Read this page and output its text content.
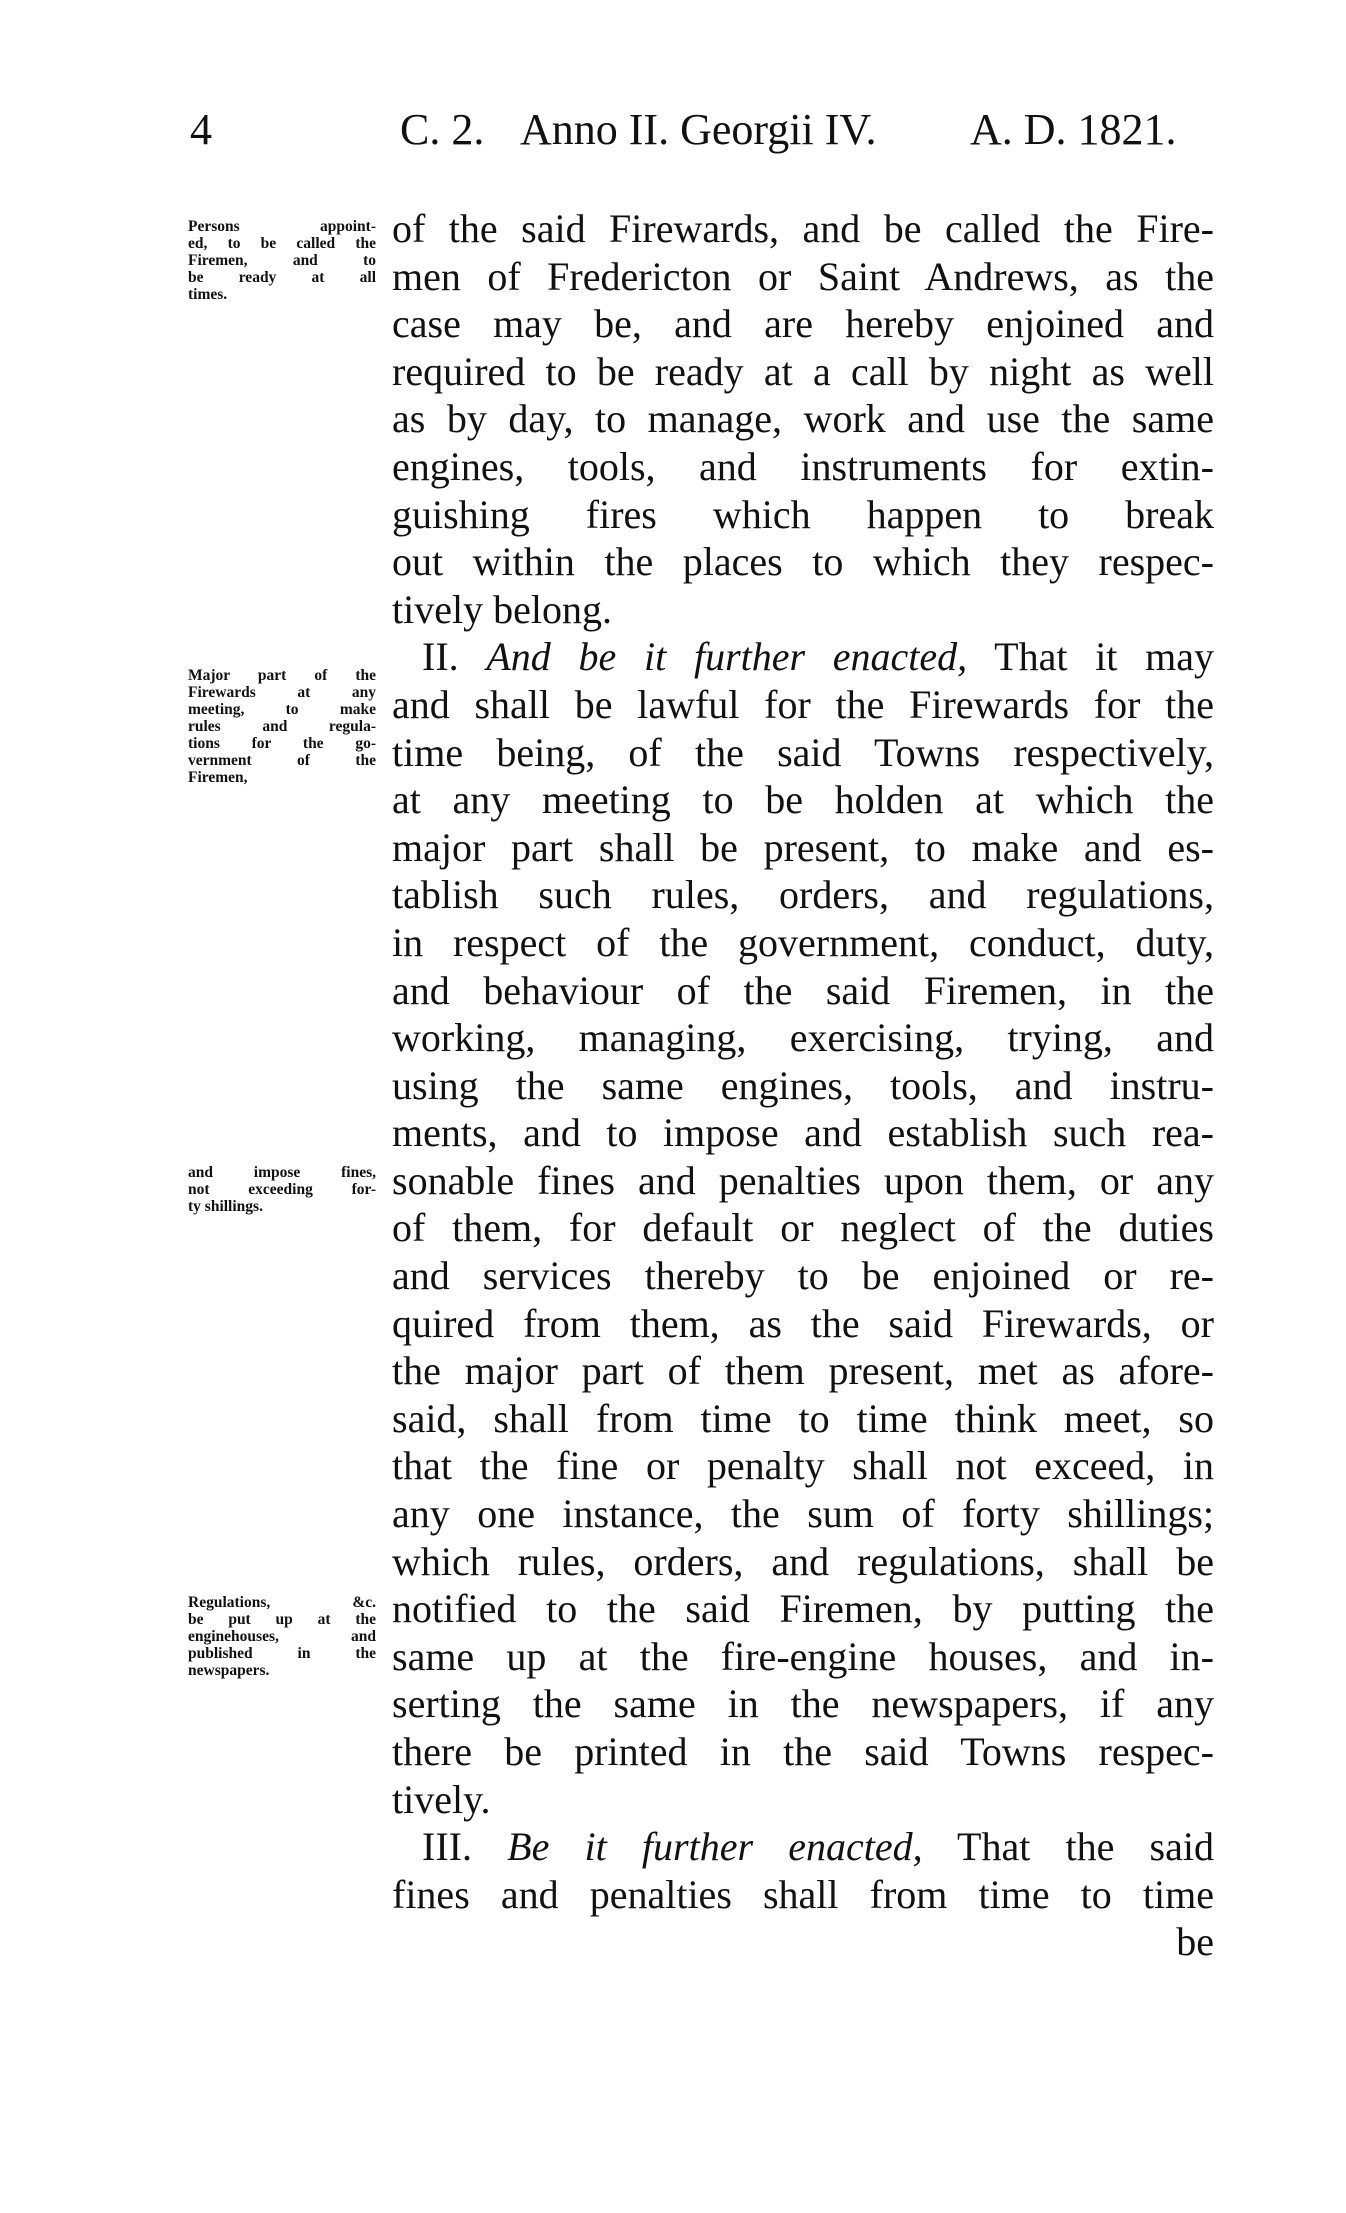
4	C. 2. Anno II. Georgii IV. A. D. 1821.
Persons appoint-
ed, to be called the
Firemen, and to
be ready at all
times.
Major part of the
Firewards at any
meeting, to make
rules and regula-
tions for the go-
vernment of the
Firemen,
and impose fines,
not exceeding for-
ty shillings.
Regulations, &c.
be put up at the
enginehouses, and
published in the
newspapers.
of the said Firewards, and be called the Fire-
men of Fredericton or Saint Andrews, as the
case may be, and are hereby enjoined and
required to be ready at a call by night as well
as by day, to manage, work and use the same
engines, tools, and instruments for extin-
guishing fires which happen to break
out within the places to which they respec-
tively belong.
II. And be it further enacted, That it may
and shall be lawful for the Firewards for the
time being, of the said Towns respectively,
at any meeting to be holden at which the
major part shall be present, to make and es-
tablish such rules, orders, and regulations,
in respect of the government, conduct, duty,
and behaviour of the said Firemen, in the
working, managing, exercising, trying, and
using the same engines, tools, and instru-
ments, and to impose and establish such rea-
sonable fines and penalties upon them, or any
of them, for default or neglect of the duties
and services thereby to be enjoined or re-
quired from them, as the said Firewards, or
the major part of them present, met as afore-
said, shall from time to time think meet, so
that the fine or penalty shall not exceed, in
any one instance, the sum of forty shillings;
which rules, orders, and regulations, shall be
notified to the said Firemen, by putting the
same up at the fire-engine houses, and in-
serting the same in the newspapers, if any
there be printed in the said Towns respec-
tively.
III. Be it further enacted, That the said
fines and penalties shall from time to time
be
